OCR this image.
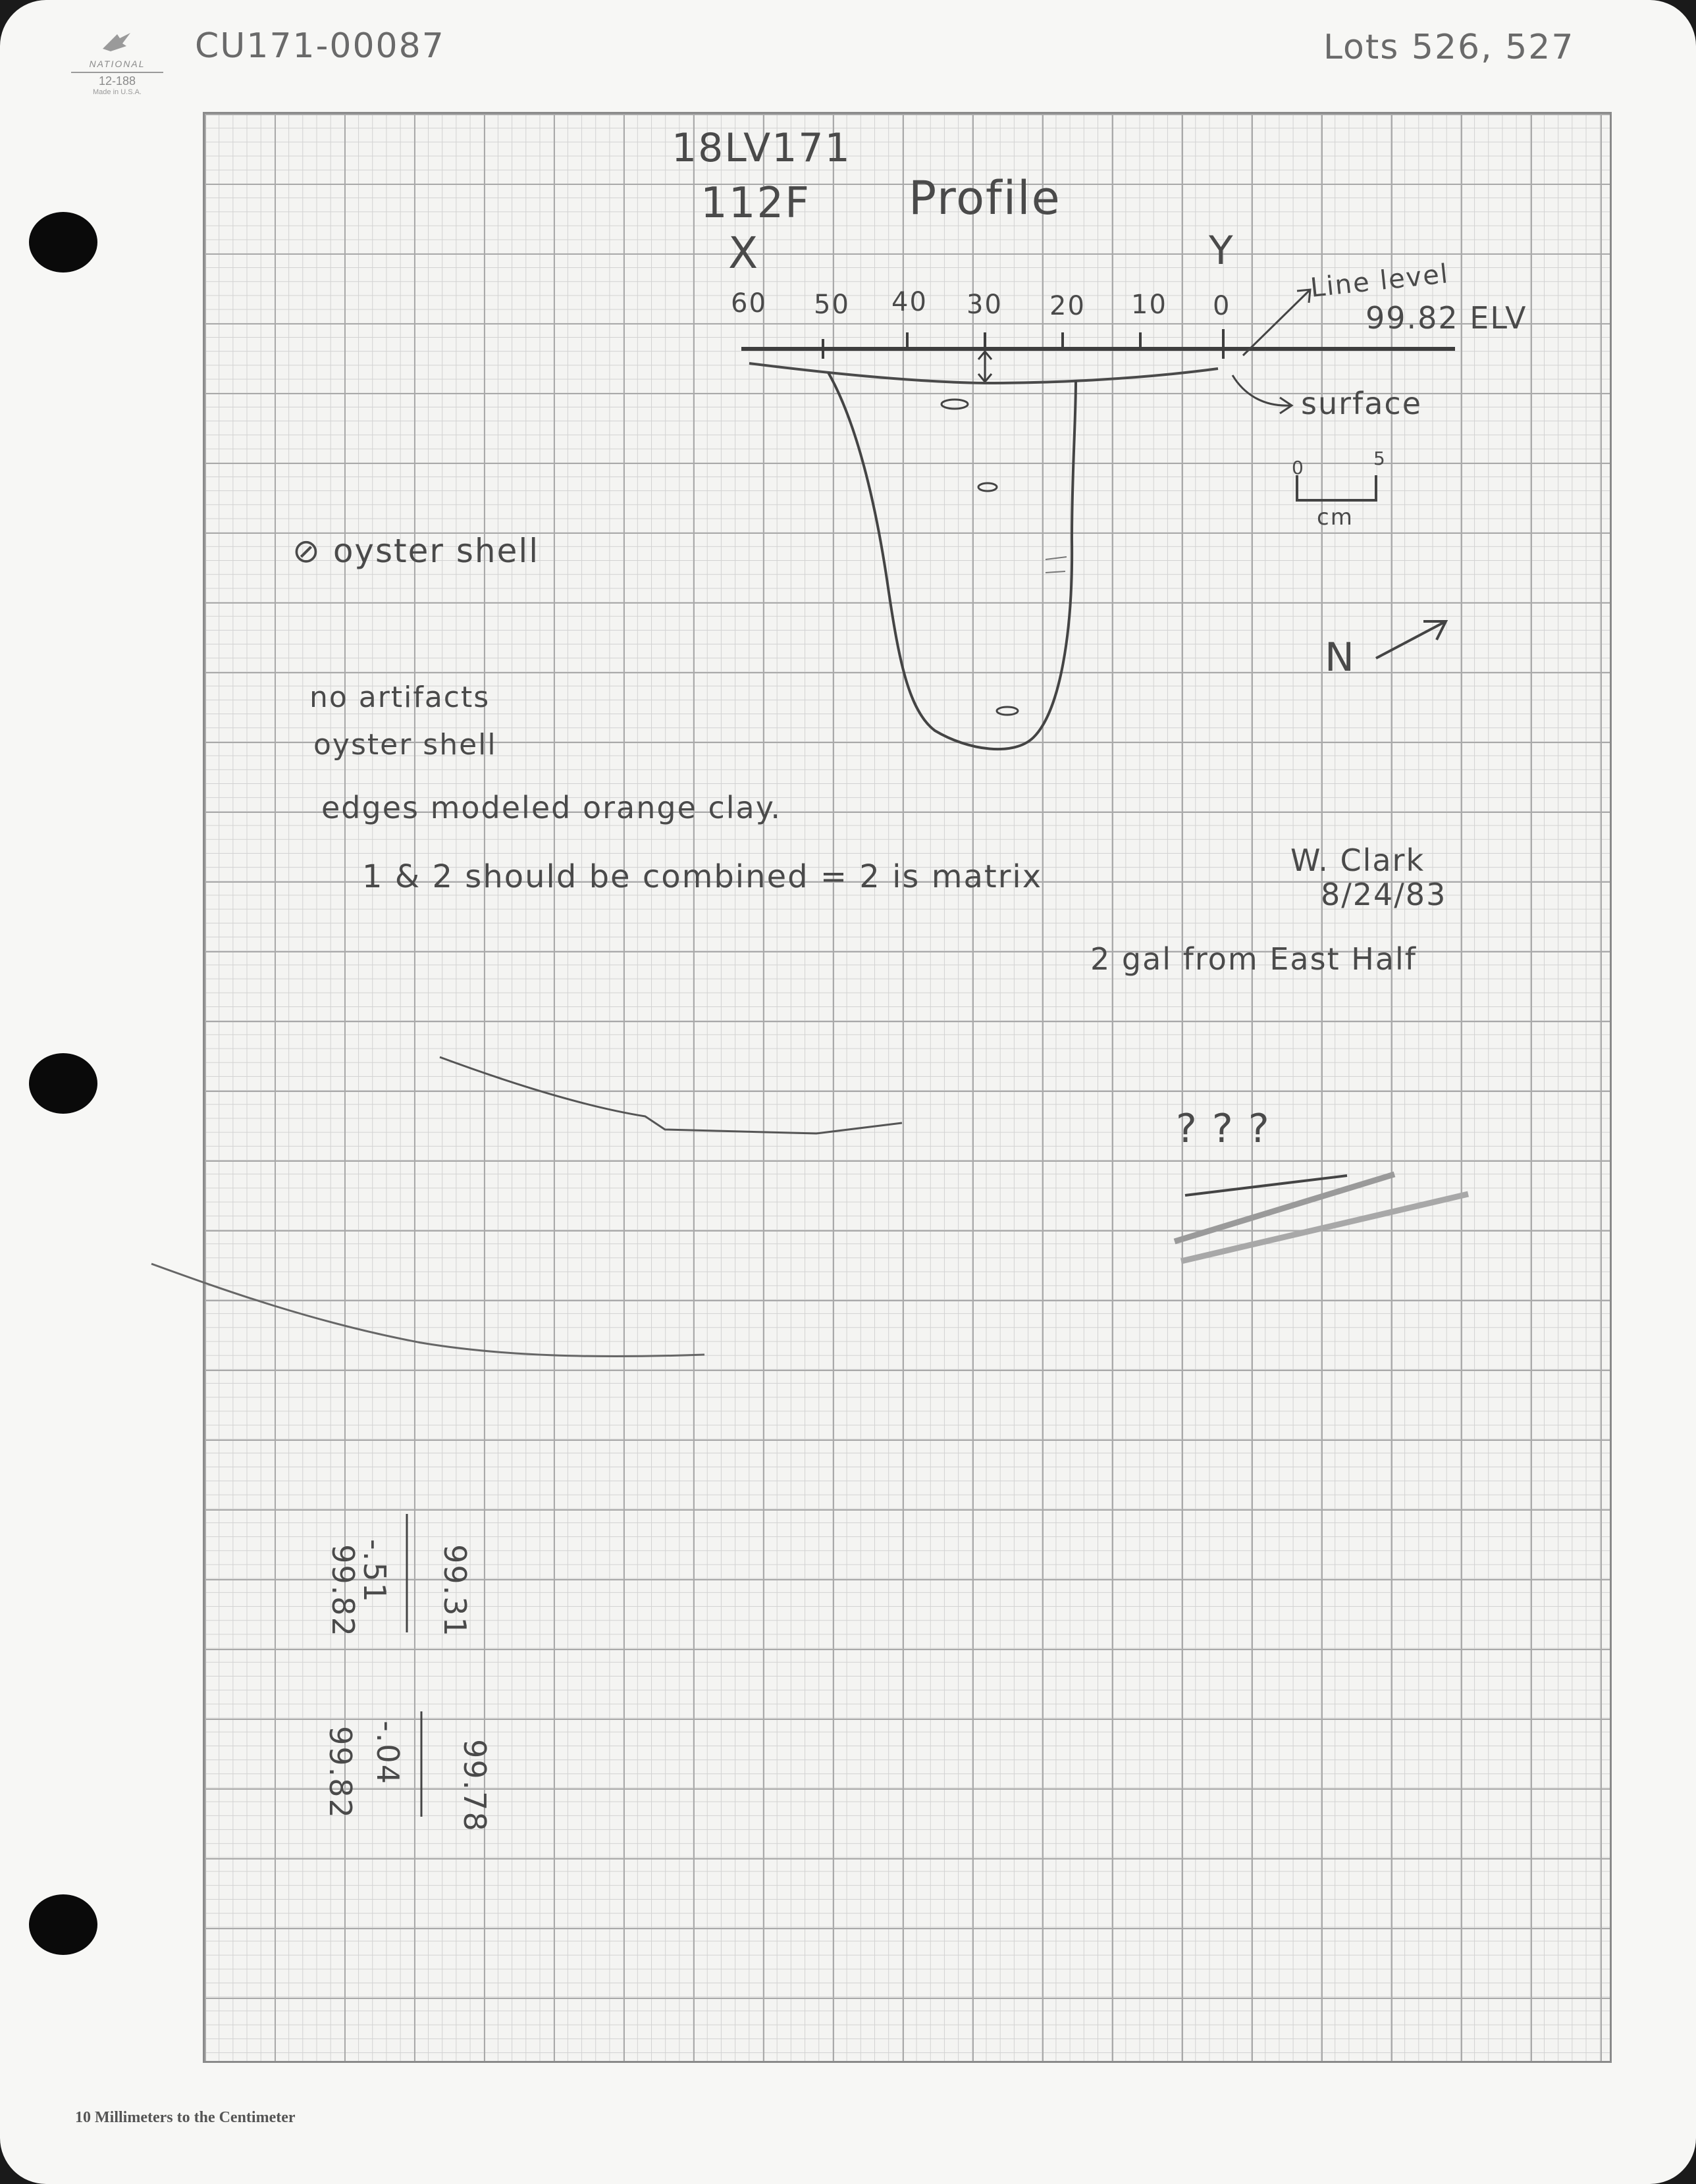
NATIONAL
12-188
Made in U.S.A.
CU171-00087	Lots 526, 527
18LV171
112F Profile
X	Y
60 50 40 30 20 10 0
Line level
99.82 ELV
surface
0	5
cm
N
⊘ oyster shell
no artifacts
oyster shell
edges modeled orange clay.
1 & 2 should be combined = 2 is matrix	W. Clark
8/24/83
2 gal from East Half
? ? ?
99.82
-.51 99.31
99.82 -.04 99.78
10 Millimeters to the Centimeter
